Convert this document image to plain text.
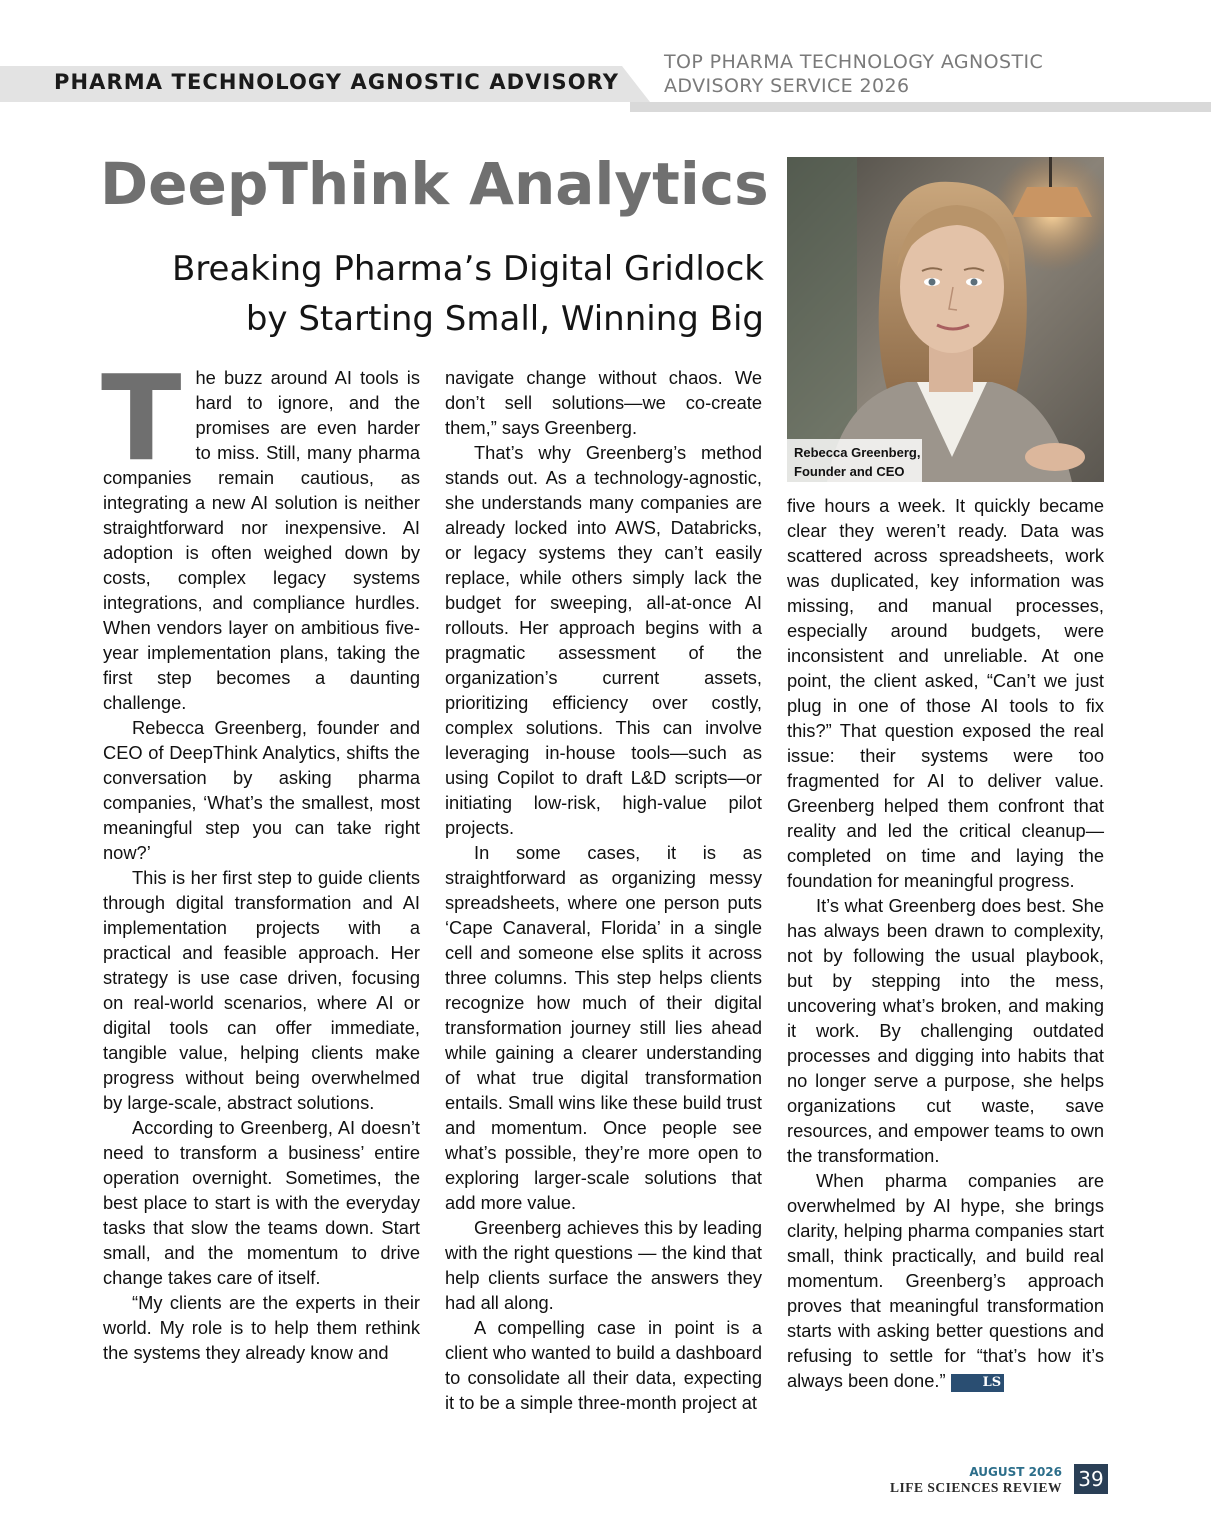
PHARMA TECHNOLOGY AGNOSTIC ADVISORY
TOP PHARMA TECHNOLOGY AGNOSTIC
ADVISORY SERVICE 2026
DeepThink Analytics
Breaking Pharma’s Digital Gridlock
by Starting Small, Winning Big
Rebecca Greenberg,
Founder and CEO

The buzz around AI tools is hard to ignore, and the promises are even harder to miss. Still, many pharma companies remain cautious, as integrating a new AI solution is neither straightforward nor inexpensive. AI adoption is often weighed down by costs, complex legacy systems integrations, and compliance hurdles. When vendors layer on ambitious five-year implementation plans, taking the first step becomes a daunting challenge.

Rebecca Greenberg, founder and CEO of DeepThink Analytics, shifts the conversation by asking pharma companies, ‘What’s the smallest, most meaningful step you can take right now?’

This is her first step to guide clients through digital transformation and AI implementation projects with a practical and feasible approach. Her strategy is use case driven, focusing on real-world scenarios, where AI or digital tools can offer immediate, tangible value, helping clients make progress without being overwhelmed by large-scale, abstract solutions.

According to Greenberg, AI doesn’t need to transform a business’ entire operation overnight. Sometimes, the best place to start is with the everyday tasks that slow the teams down. Start small, and the momentum to drive change takes care of itself.

“My clients are the experts in their world. My role is to help them rethink the systems they already know and

navigate change without chaos. We don’t sell solutions—we co-create them,” says Greenberg.

That’s why Greenberg’s method stands out. As a technology-agnostic, she understands many companies are already locked into AWS, Databricks, or legacy systems they can’t easily replace, while others simply lack the budget for sweeping, all-at-once AI rollouts. Her approach begins with a pragmatic assessment of the organization’s current assets, prioritizing efficiency over costly, complex solutions. This can involve leveraging in-house tools—such as using Copilot to draft L&D scripts—or initiating low-risk, high-value pilot projects.

In some cases, it is as straightforward as organizing messy spreadsheets, where one person puts ‘Cape Canaveral, Florida’ in a single cell and someone else splits it across three columns. This step helps clients recognize how much of their digital transformation journey still lies ahead while gaining a clearer understanding of what true digital transformation entails. Small wins like these build trust and momentum. Once people see what’s possible, they’re more open to exploring larger-scale solutions that add more value.

Greenberg achieves this by leading with the right questions — the kind that help clients surface the answers they had all along.

A compelling case in point is a client who wanted to build a dashboard to consolidate all their data, expecting it to be a simple three-month project at

five hours a week. It quickly became clear they weren’t ready. Data was scattered across spreadsheets, work was duplicated, key information was missing, and manual processes, especially around budgets, were inconsistent and unreliable. At one point, the client asked, “Can’t we just plug in one of those AI tools to fix this?” That question exposed the real issue: their systems were too fragmented for AI to deliver value. Greenberg helped them confront that reality and led the critical cleanup—completed on time and laying the foundation for meaningful progress.

It’s what Greenberg does best. She has always been drawn to complexity, not by following the usual playbook, but by stepping into the mess, uncovering what’s broken, and making it work. By challenging outdated processes and digging into habits that no longer serve a purpose, she helps organizations cut waste, save resources, and empower teams to own the transformation.

When pharma companies are overwhelmed by AI hype, she brings clarity, helping pharma companies start small, think practically, and build real momentum. Greenberg’s approach proves that meaningful transformation starts with asking better questions and refusing to settle for “that’s how it’s always been done.”	LS

AUGUST 2026
LIFE SCIENCES REVIEW 39
